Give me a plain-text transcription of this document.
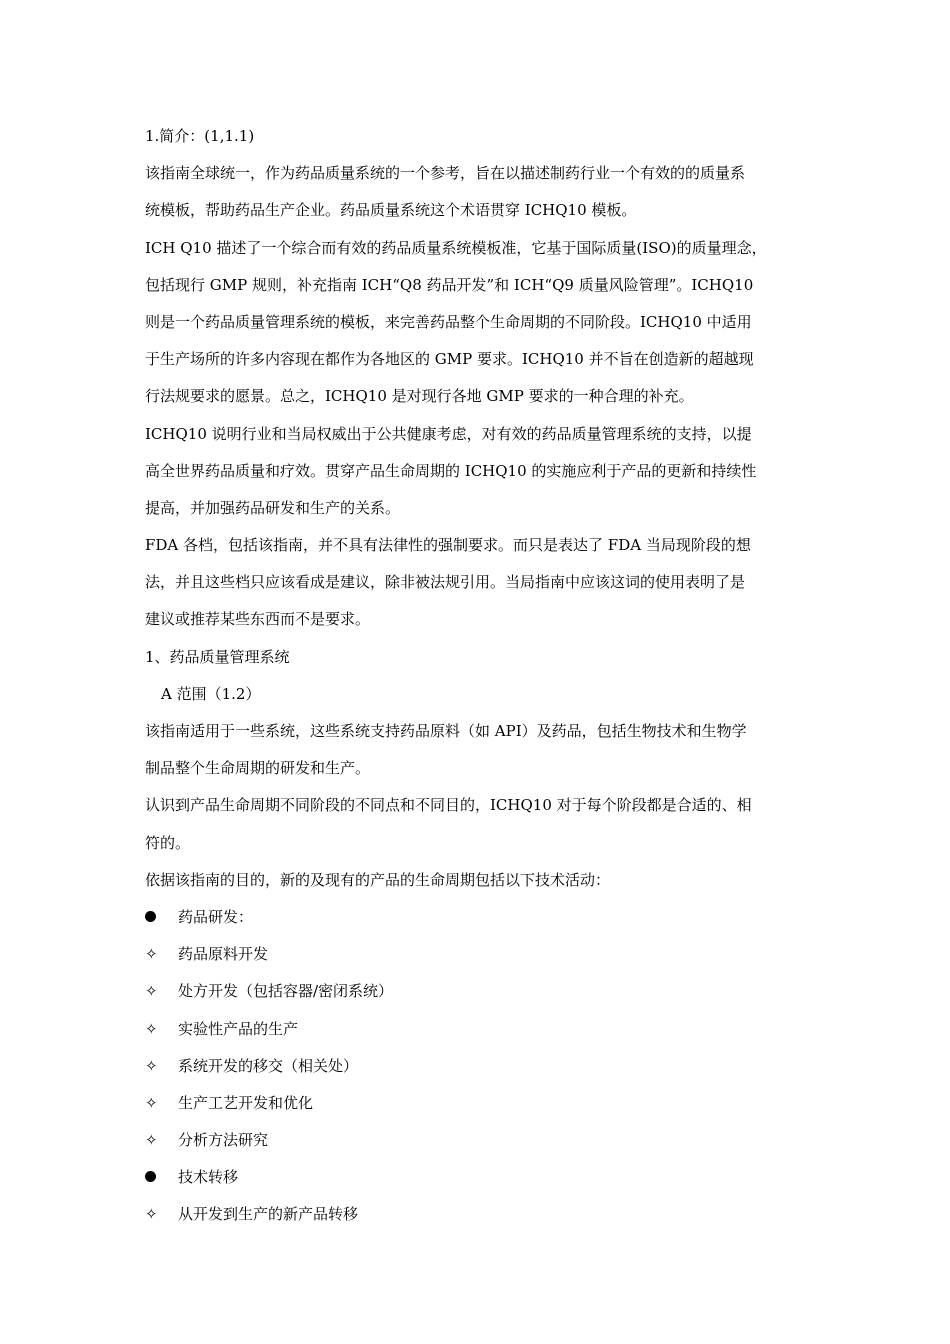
1.简介：(1,1.1)
该指南全球统一，作为药品质量系统的一个参考，旨在以描述制药行业一个有效的的质量系
统模板，帮助药品生产企业。药品质量系统这个术语贯穿 ICHQ10 模板。
ICH Q10 描述了一个综合而有效的药品质量系统模板准，它基于国际质量(ISO)的质量理念，
包括现行 GMP 规则，补充指南 ICH“Q8 药品开发”和 ICH“Q9 质量风险管理”。ICHQ10
则是一个药品质量管理系统的模板，来完善药品整个生命周期的不同阶段。ICHQ10 中适用
于生产场所的许多内容现在都作为各地区的 GMP 要求。ICHQ10 并不旨在创造新的超越现
行法规要求的愿景。总之，ICHQ10 是对现行各地 GMP 要求的一种合理的补充。
ICHQ10 说明行业和当局权威出于公共健康考虑，对有效的药品质量管理系统的支持，以提
高全世界药品质量和疗效。贯穿产品生命周期的 ICHQ10 的实施应利于产品的更新和持续性
提高，并加强药品研发和生产的关系。
FDA 各档，包括该指南，并不具有法律性的强制要求。而只是表达了 FDA 当局现阶段的想
法，并且这些档只应该看成是建议，除非被法规引用。当局指南中应该这词的使用表明了是
建议或推荐某些东西而不是要求。
1、药品质量管理系统
A 范围（1.2）
该指南适用于一些系统，这些系统支持药品原料（如 API）及药品，包括生物技术和生物学
制品整个生命周期的研发和生产。
认识到产品生命周期不同阶段的不同点和不同目的，ICHQ10 对于每个阶段都是合适的、相
符的。
依据该指南的目的，新的及现有的产品的生命周期包括以下技术活动：
药品研发：
✧	药品原料开发
✧	处方开发（包括容器/密闭系统）
✧	实验性产品的生产
✧	系统开发的移交（相关处）
✧	生产工艺开发和优化
✧	分析方法研究
技术转移
✧	从开发到生产的新产品转移
